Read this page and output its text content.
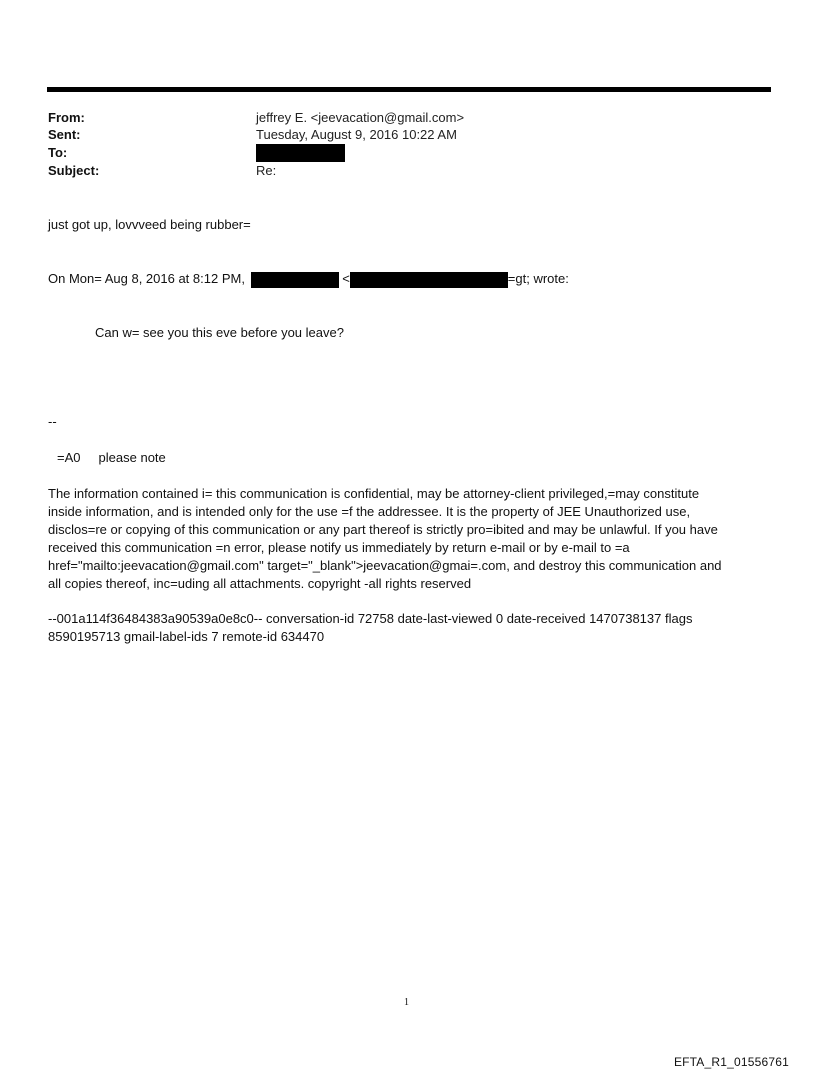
From:	jeffrey E. <jeevacation@gmail.com>
Sent:	Tuesday, August 9, 2016 10:22 AM
To:
Subject:	Re:
just got up, lovvveed being rubber=
On Mon= Aug 8, 2016 at 8:12 PM,	<	=gt; wrote:
Can w= see you this eve before you leave?
--
=A0     please note
The information contained i= this communication is confidential, may be attorney-client privileged,=may constitute
inside information, and is intended only for the use =f the addressee. It is the property of JEE Unauthorized use,
disclos=re or copying of this communication or any part thereof is strictly pro=ibited and may be unlawful. If you have
received this communication =n error, please notify us immediately by return e-mail or by e-mail to =a
href="mailto:jeevacation@gmail.com" target="_blank">jeevacation@gmai=.com, and destroy this communication and
all copies thereof, inc=uding all attachments. copyright -all rights reserved
--001a114f36484383a90539a0e8c0-- conversation-id 72758 date-last-viewed 0 date-received 1470738137 flags
8590195713 gmail-label-ids 7 remote-id 634470
1
EFTA_R1_01556761
